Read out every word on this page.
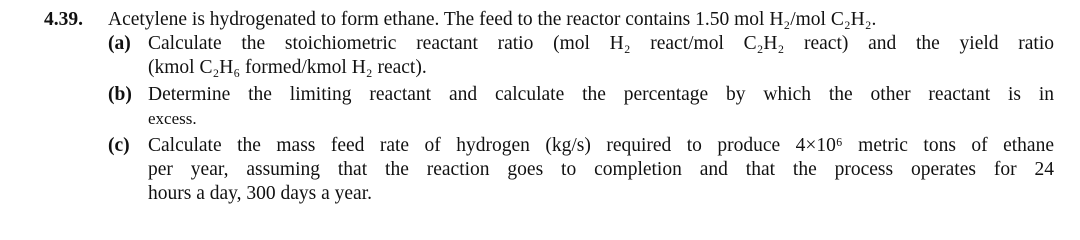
4.39. Acetylene is hydrogenated to form ethane. The feed to the reactor contains 1.50 mol H₂/mol C₂H₂.
(a) Calculate the stoichiometric reactant ratio (mol H₂ react/mol C₂H₂ react) and the yield ratio
(kmol C₂H₆ formed/kmol H₂ react).
(b) Determine the limiting reactant and calculate the percentage by which the other reactant is in
excess.
(c) Calculate the mass feed rate of hydrogen (kg/s) required to produce 4×10⁶ metric tons of ethane
per year, assuming that the reaction goes to completion and that the process operates for 24
hours a day, 300 days a year.
